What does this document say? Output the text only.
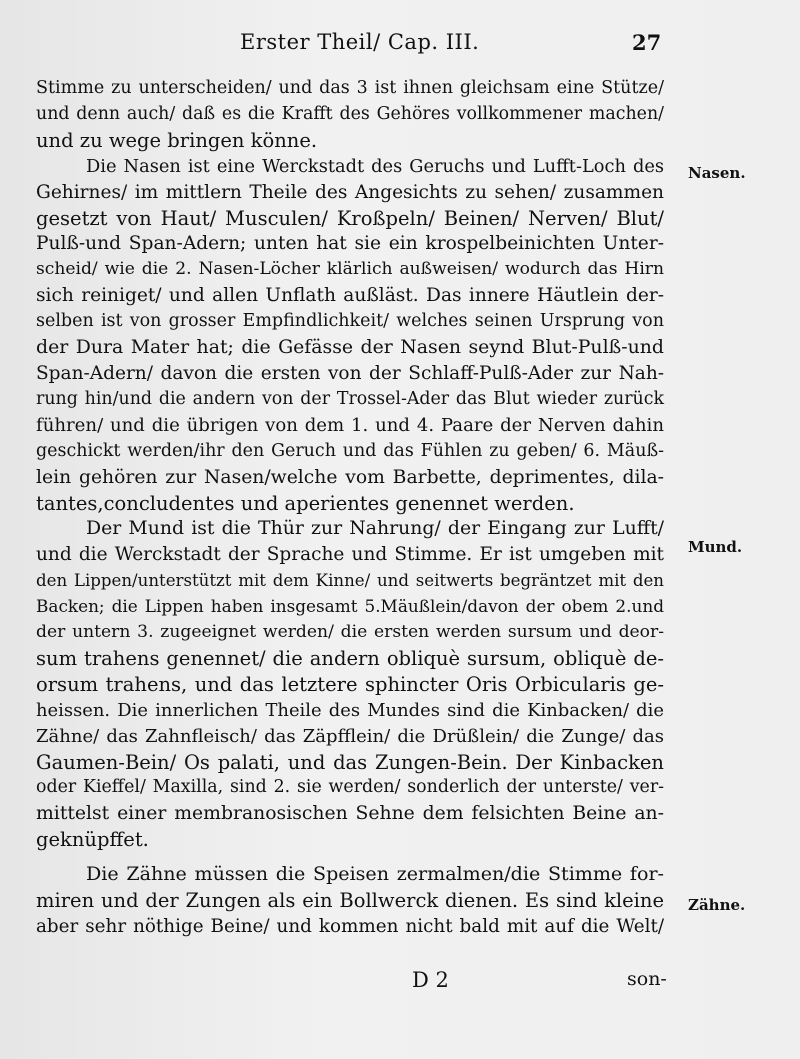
Erster Theil/ Cap. III.	27
Stimme zu unterscheiden/ und das 3 ist ihnen gleichsam eine Stütze/
und denn auch/ daß es die Krafft des Gehöres vollkommener machen/
und zu wege bringen könne.
Die Nasen ist eine Werckstadt des Geruchs und Lufft-Loch des
Gehirnes/ im mittlern Theile des Angesichts zu sehen/ zusammen
gesetzt von Haut/ Musculen/ Kroßpeln/ Beinen/ Nerven/ Blut/
Pulß-und Span-Adern; unten hat sie ein krospelbeinichten Unter-
scheid/ wie die 2. Nasen-Löcher klärlich außweisen/ wodurch das Hirn
sich reiniget/ und allen Unflath außläst. Das innere Häutlein der-
selben ist von grosser Empfindlichkeit/ welches seinen Ursprung von
der Dura Mater hat; die Gefässe der Nasen seynd Blut-Pulß-und
Span-Adern/ davon die ersten von der Schlaff-Pulß-Ader zur Nah-
rung hin/und die andern von der Trossel-Ader das Blut wieder zurück
führen/ und die übrigen von dem 1. und 4. Paare der Nerven dahin
geschickt werden/ihr den Geruch und das Fühlen zu geben/ 6. Mäuß-
lein gehören zur Nasen/welche vom Barbette, deprimentes, dila-
tantes,concludentes und aperientes genennet werden.
Der Mund ist die Thür zur Nahrung/ der Eingang zur Lufft/
und die Werckstadt der Sprache und Stimme. Er ist umgeben mit
den Lippen/unterstützt mit dem Kinne/ und seitwerts begräntzet mit den
Backen; die Lippen haben insgesamt 5.Mäußlein/davon der obem 2.und
der untern 3. zugeeignet werden/ die ersten werden sursum und deor-
sum trahens genennet/ die andern obliquè sursum, obliquè de-
orsum trahens, und das letztere sphincter Oris Orbicularis ge-
heissen. Die innerlichen Theile des Mundes sind die Kinbacken/ die
Zähne/ das Zahnfleisch/ das Zäpfflein/ die Drüßlein/ die Zunge/ das
Gaumen-Bein/ Os palati, und das Zungen-Bein. Der Kinbacken
oder Kieffel/ Maxilla, sind 2. sie werden/ sonderlich der unterste/ ver-
mittelst einer membranosischen Sehne dem felsichten Beine an-
geknüpffet.
Die Zähne müssen die Speisen zermalmen/die Stimme for-
miren und der Zungen als ein Bollwerck dienen. Es sind kleine
aber sehr nöthige Beine/ und kommen nicht bald mit auf die Welt/
Nasen.
Mund.
Zähne.
D 2	son-
